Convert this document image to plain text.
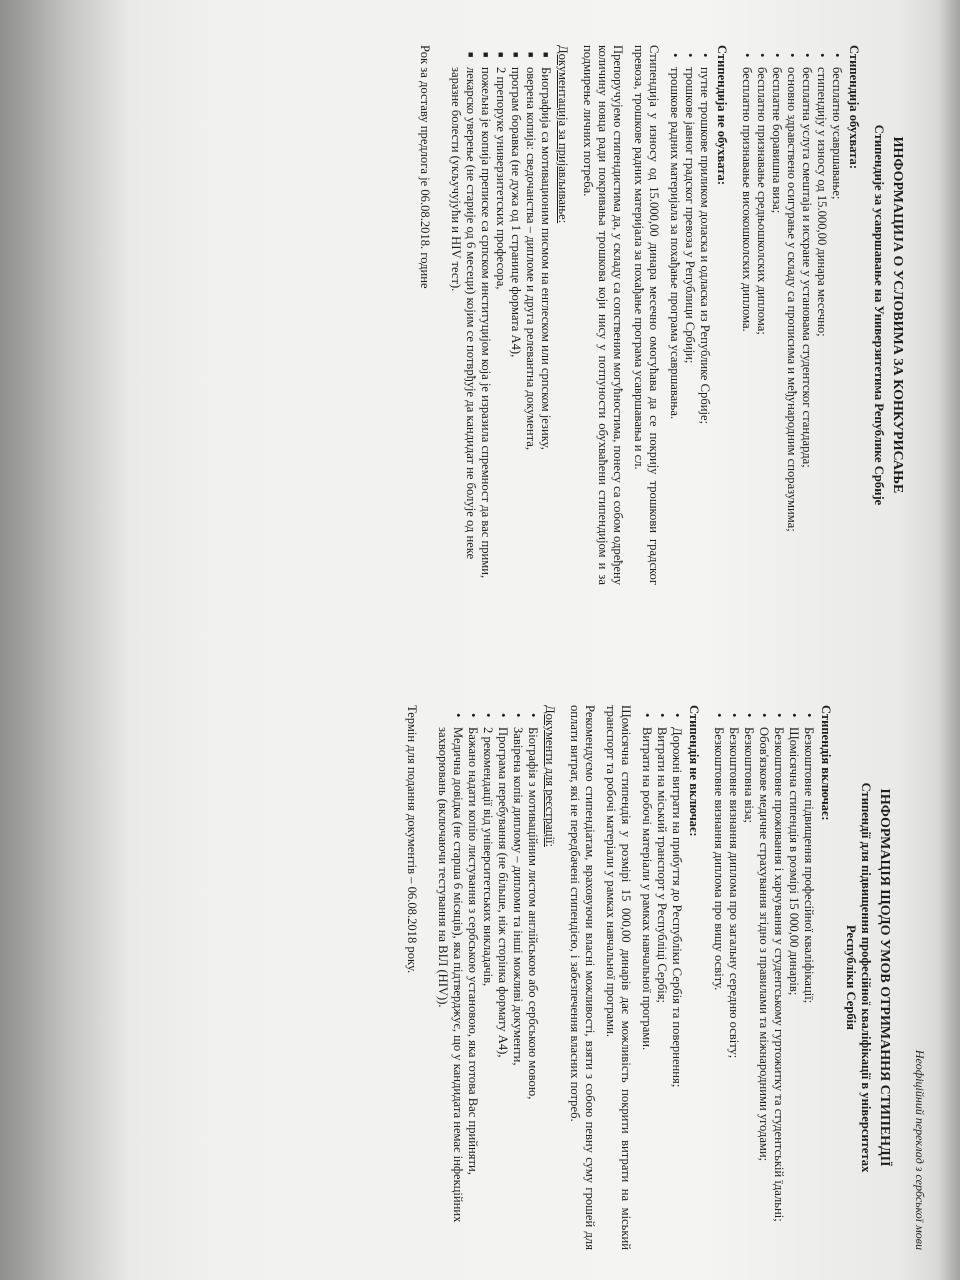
ИНФОРМАЦИЈА О УСЛОВИМА ЗА КОНКУРИСАЊЕ
Стипендије за усавршавање на Универзитетима Републике Србије
Стипендија обухвата:
• бесплатно усавршавање;
• стипендију у износу од 15.000,00 динара месечно;
• бесплатна услуга смештаја и исхране у установама студентског стандарда;
• основно здравствено осигурање у складу са прописима и међународним споразумима;
• бесплатне боравишна виза;
• бесплатно признавање средњошколских диплома;
• бесплатно признавање високошколских диплома.
Стипендија не обухвата:
• путне трошкове приликом доласка и одласка из Републике Србије;
• трошкове јавног градског превоза у Републици Србији;
• трошкове радних материјала за похађање програма усавршавања.

Стипендија у износу од 15.000,00 динара месечно омогућава да се покрију трошкови градског превоза, трошкове радних материјала за похађање програма усавршавања и сл.

Препоручујемо стипендистима да, у складу са сопственим могућностима, понесу са собом одређену количину новца ради покривања трошкова који нису у потпуности обухваћени стипендијом и за подмирење личних потреба.

Документација за пријављивање:
■ Биографија са мотивационим писмом на енглеском или српском језику,
■ оверена копија: сведочанства – дипломе и друга релевантна документа,
■ програм боравка (не дужа од 1 странице формата А4),
■ 2 препоруке универзитетских професора,
■ пожељна је копија преписке са српском институцијом која је изразила спремност да вас прими,
■ лекарско уверење (не старије од 6 месеци) којим се потврђује да кандидат не болује од неке заразне болести (укључујући и HIV тест).
Рок за доставу предлога је 06.08.2018. године
Неофіційний переклад з сербської мови
ІНФОРМАЦІЯ ЩОДО УМОВ ОТРИМАННЯ СТИПЕНДІЇ
Стипендії для підвищення професійної кваліфікації в університетах
Республіки Сербія
Стипендія включає:
• Безкоштовне підвищення професійної кваліфікації;
• Щомісячна стипендія в розмірі 15 000,00 динарів;
• Безкоштовне проживання і харчування у студентському гуртожитку та студентській їдальні;
• Обов'язкове медичне страхування згідно з правилами та міжнародними угодами;
• Безкоштовна віза;
• Безкоштовне визнання диплома про загальну середню освіту;
• Безкоштовне визнання диплома про вищу освіту.
Стипендія не включає:
• Дорожні витрати на прибуття до Республіки Сербія та повернення;
• Витрати на міський транспорт у Республіці Сербія;
• Витрати на робочі матеріали у рамках навчальної програми.

Щомісячна стипендія у розмірі 15 000,00 динарів дає можливість покрити витрати на міський транспорт та робочі матеріали у рамках навчальної програми.

Рекомендуємо стипендіатам, враховуючи власні можливості, взяти з собою певну суму грошей для оплати витрат, які не передбачені стипендією, і забезпечення власних потреб.

Документи для реєстрації:
• Біографія з мотиваційним листом англійською або сербською мовою,
• Завірена копія диплому – дипломи та інші можливі документи,
• Програма перебування (не більше, ніж сторінка формату А4),
• 2 рекомендації від університетських викладачів,
• Бажано надати копію листування з сербською установою, яка готова Вас прийняти,
• Медична довідка (не старша 6 місяців), яка підтверджує, що у кандидата немає інфекційних захворювань (включаючи тестування на ВІЛ (HIV)).
Термін для подання документів – 06.08.2018 року.
